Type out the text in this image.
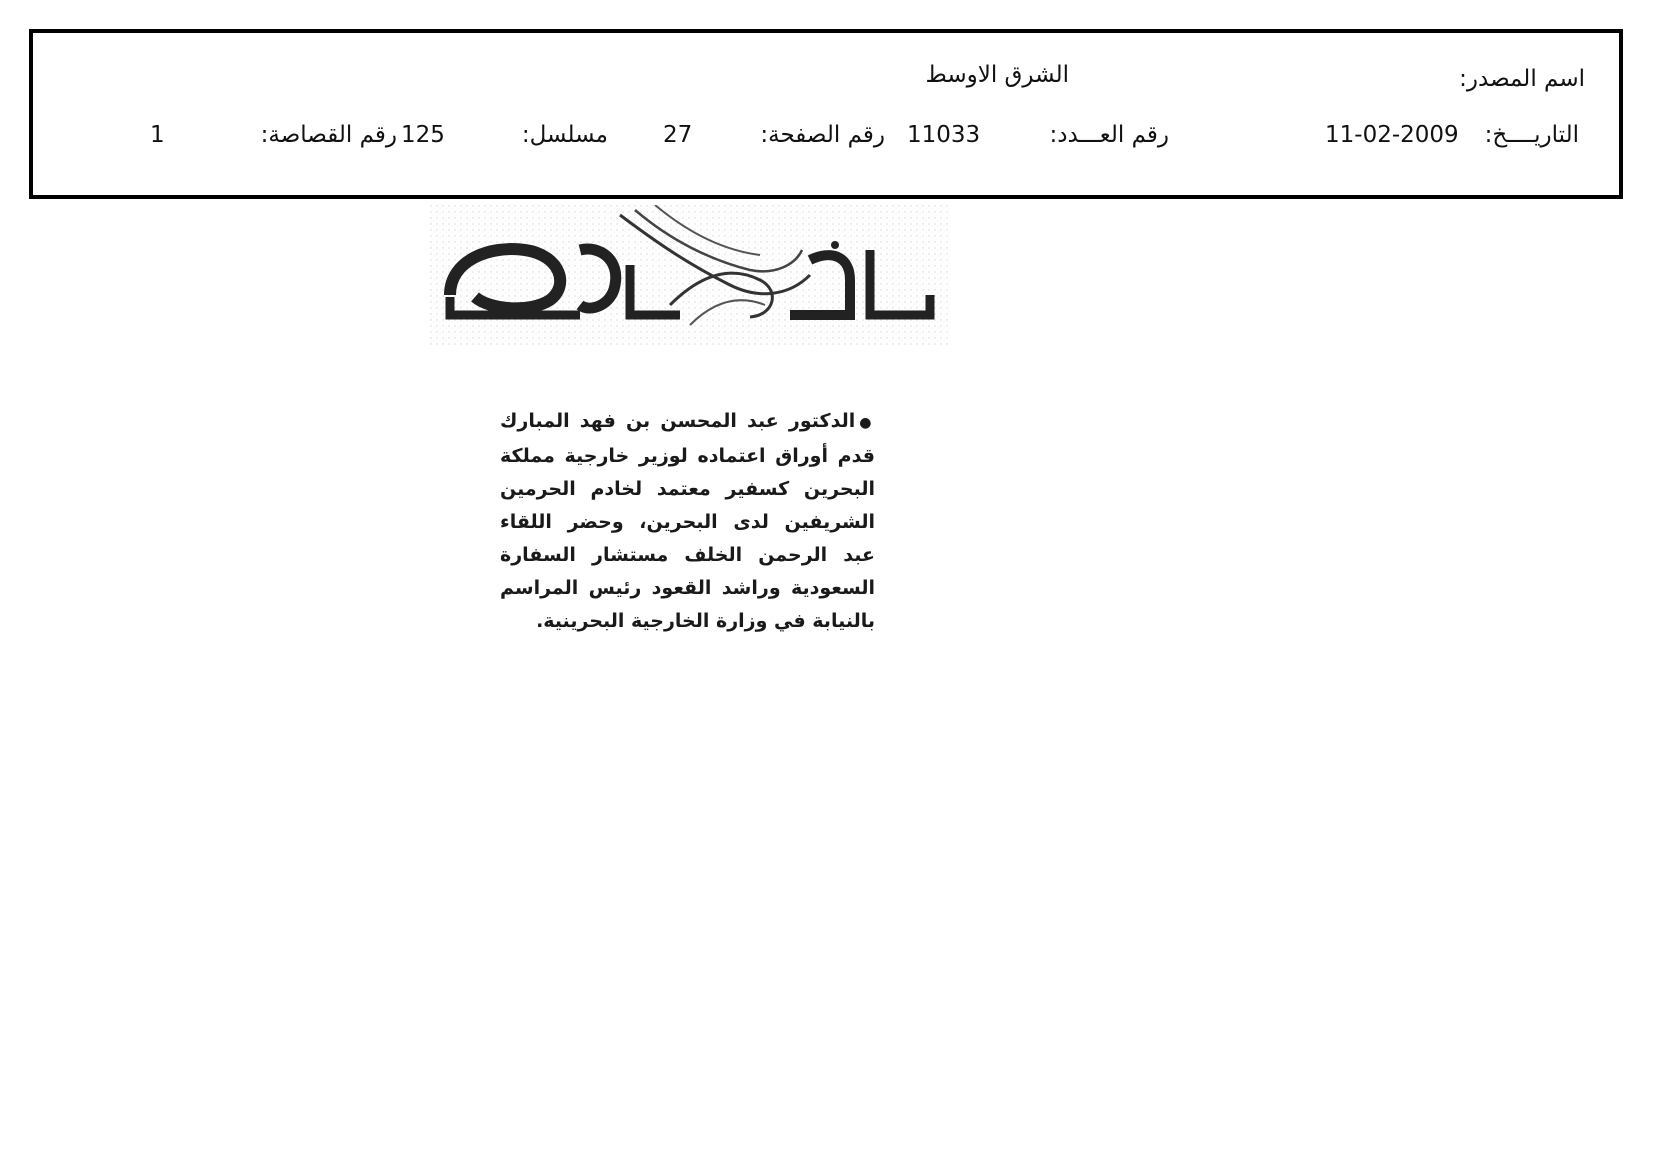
اسم المصدر:
الشرق الاوسط
التاريــــخ:
11-02-2009
رقم العـــدد:
11033
رقم الصفحة:
27
مسلسل:
125
رقم القصاصة:
1
●الدكتور عبد المحسن بن فهد المبارك قدم أوراق اعتماده لوزير خارجية مملكة البحرين كسفير معتمد لخادم الحرمين الشريفين لدى البحرين، وحضر اللقاء عبد الرحمن الخلف مستشار السفارة السعودية وراشد القعود رئيس المراسم بالنيابة في وزارة الخارجية البحرينية.
